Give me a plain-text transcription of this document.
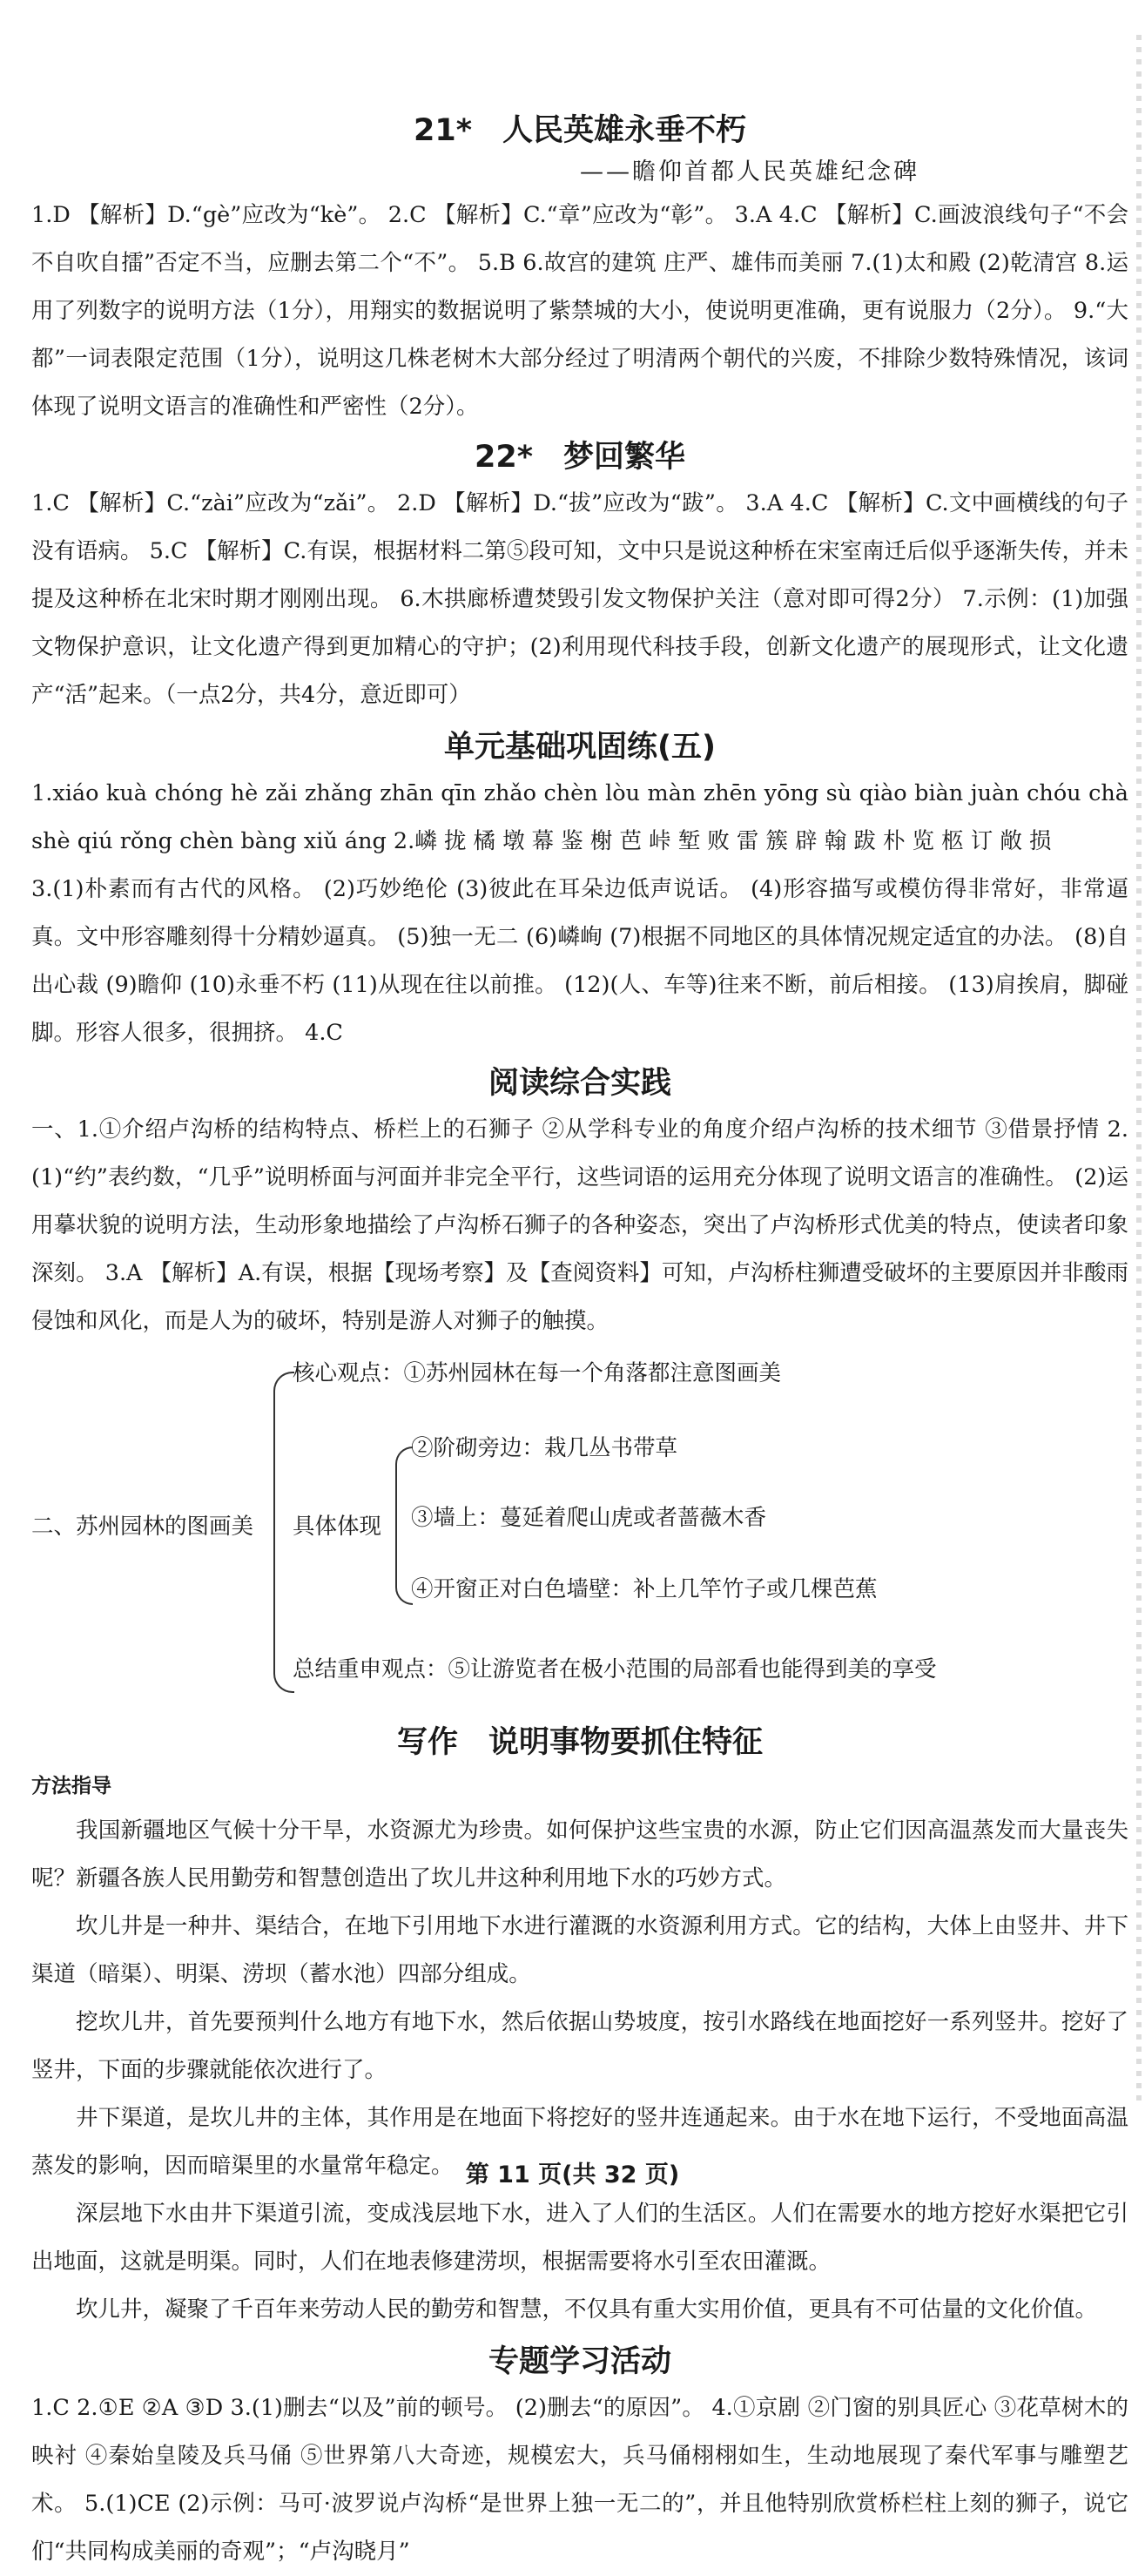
21*　人民英雄永垂不朽
——瞻仰首都人民英雄纪念碑

1.D 【解析】D.“gè”应改为“kè”。 2.C 【解析】C.“章”应改为“彰”。 3.A 4.C 【解析】C.画波浪线句子“不会不自吹自擂”否定不当，应删去第二个“不”。 5.B 6.故宫的建筑 庄严、雄伟而美丽 7.(1)太和殿 (2)乾清宫 8.运用了列数字的说明方法（1分），用翔实的数据说明了紫禁城的大小，使说明更准确，更有说服力（2分）。 9.“大都”一词表限定范围（1分），说明这几株老树木大部分经过了明清两个朝代的兴废，不排除少数特殊情况，该词体现了说明文语言的准确性和严密性（2分）。

22*　梦回繁华

1.C 【解析】C.“zài”应改为“zǎi”。 2.D 【解析】D.“拔”应改为“跋”。 3.A 4.C 【解析】C.文中画横线的句子没有语病。 5.C 【解析】C.有误，根据材料二第⑤段可知，文中只是说这种桥在宋室南迁后似乎逐渐失传，并未提及这种桥在北宋时期才刚刚出现。 6.木拱廊桥遭焚毁引发文物保护关注（意对即可得2分） 7.示例：(1)加强文物保护意识，让文化遗产得到更加精心的守护；(2)利用现代科技手段，创新文化遗产的展现形式，让文化遗产“活”起来。（一点2分，共4分，意近即可）

单元基础巩固练(五)

1.xiáo kuà chóng hè zǎi zhǎng zhān qīn zhǎo chèn lòu màn zhēn yōng sù qiào biàn juàn chóu chà shè qiú rǒng chèn bàng xiǔ áng 2.嶙 拢 橘 墩 幕 鉴 榭 芭 峠 堑 败 雷 簇 辟 翰 跋 朴 览 柩 订 敞 损

3.(1)朴素而有古代的风格。 (2)巧妙绝伦 (3)彼此在耳朵边低声说话。 (4)形容描写或模仿得非常好，非常逼真。文中形容雕刻得十分精妙逼真。 (5)独一无二 (6)嶙峋 (7)根据不同地区的具体情况规定适宜的办法。 (8)自出心裁 (9)瞻仰 (10)永垂不朽 (11)从现在往以前推。 (12)(人、车等)往来不断，前后相接。 (13)肩挨肩，脚碰脚。形容人很多，很拥挤。 4.C

阅读综合实践

一、1.①介绍卢沟桥的结构特点、桥栏上的石狮子 ②从学科专业的角度介绍卢沟桥的技术细节 ③借景抒情 2.(1)“约”表约数，“几乎”说明桥面与河面并非完全平行，这些词语的运用充分体现了说明文语言的准确性。 (2)运用摹状貌的说明方法，生动形象地描绘了卢沟桥石狮子的各种姿态，突出了卢沟桥形式优美的特点，使读者印象深刻。 3.A 【解析】A.有误，根据【现场考察】及【查阅资料】可知，卢沟桥柱狮遭受破坏的主要原因并非酸雨侵蚀和风化，而是人为的破坏，特别是游人对狮子的触摸。

二、苏州园林的图画美
核心观点：①苏州园林在每一个角落都注意图画美
具体体现
②阶砌旁边：栽几丛书带草
③墙上：蔓延着爬山虎或者蔷薇木香
④开窗正对白色墙壁：补上几竿竹子或几棵芭蕉
总结重申观点：⑤让游览者在极小范围的局部看也能得到美的享受
写作　说明事物要抓住特征

方法指导

我国新疆地区气候十分干旱，水资源尤为珍贵。如何保护这些宝贵的水源，防止它们因高温蒸发而大量丧失呢？新疆各族人民用勤劳和智慧创造出了坎儿井这种利用地下水的巧妙方式。

坎儿井是一种井、渠结合，在地下引用地下水进行灌溉的水资源利用方式。它的结构，大体上由竖井、井下渠道（暗渠）、明渠、涝坝（蓄水池）四部分组成。

挖坎儿井，首先要预判什么地方有地下水，然后依据山势坡度，按引水路线在地面挖好一系列竖井。挖好了竖井，下面的步骤就能依次进行了。

井下渠道，是坎儿井的主体，其作用是在地面下将挖好的竖井连通起来。由于水在地下运行，不受地面高温蒸发的影响，因而暗渠里的水量常年稳定。

深层地下水由井下渠道引流，变成浅层地下水，进入了人们的生活区。人们在需要水的地方挖好水渠把它引出地面，这就是明渠。同时，人们在地表修建涝坝，根据需要将水引至农田灌溉。

坎儿井，凝聚了千百年来劳动人民的勤劳和智慧，不仅具有重大实用价值，更具有不可估量的文化价值。

专题学习活动

1.C 2.①E ②A ③D 3.(1)删去“以及”前的顿号。 (2)删去“的原因”。 4.①京剧 ②门窗的别具匠心 ③花草树木的映衬 ④秦始皇陵及兵马俑 ⑤世界第八大奇迹，规模宏大，兵马俑栩栩如生，生动地展现了秦代军事与雕塑艺术。 5.(1)CE (2)示例：马可·波罗说卢沟桥“是世界上独一无二的”，并且他特别欣赏桥栏柱上刻的狮子，说它们“共同构成美丽的奇观”；“卢沟晓月”

第 11 页(共 32 页)
